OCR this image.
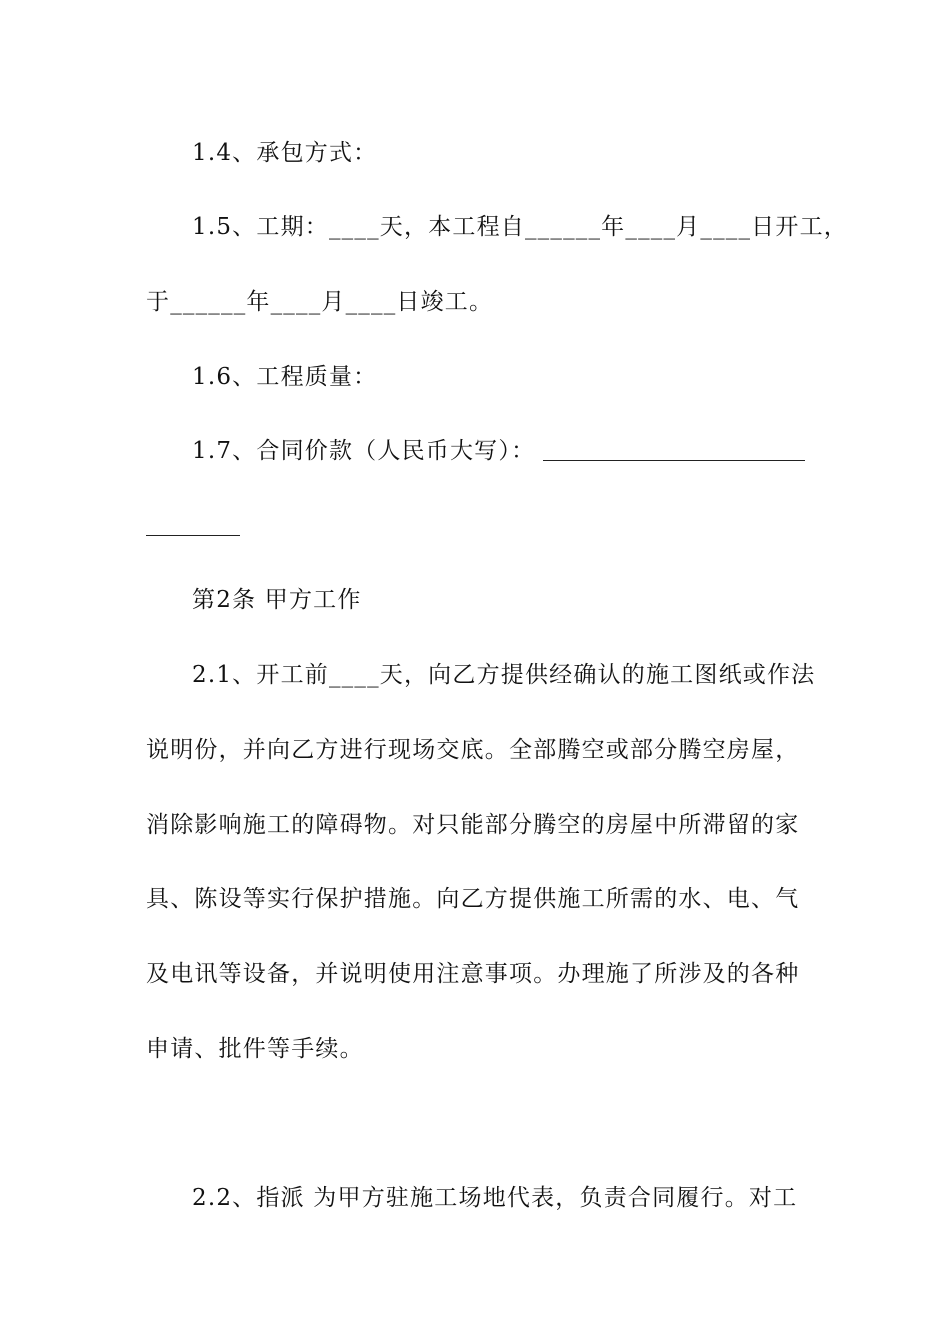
1.4、承包方式：
1.5、工期：____天，本工程自______年____月____日开工，
于______年____月____日竣工。
1.6、工程质量：
1.7、合同价款（人民币大写）：
第2条 甲方工作
2.1、开工前____天，向乙方提供经确认的施工图纸或作法
说明份，并向乙方进行现场交底。全部腾空或部分腾空房屋，
消除影响施工的障碍物。对只能部分腾空的房屋中所滞留的家
具、陈设等实行保护措施。向乙方提供施工所需的水、电、气
及电讯等设备，并说明使用注意事项。办理施了所涉及的各种
申请、批件等手续。
2.2、指派 为甲方驻施工场地代表，负责合同履行。对工
